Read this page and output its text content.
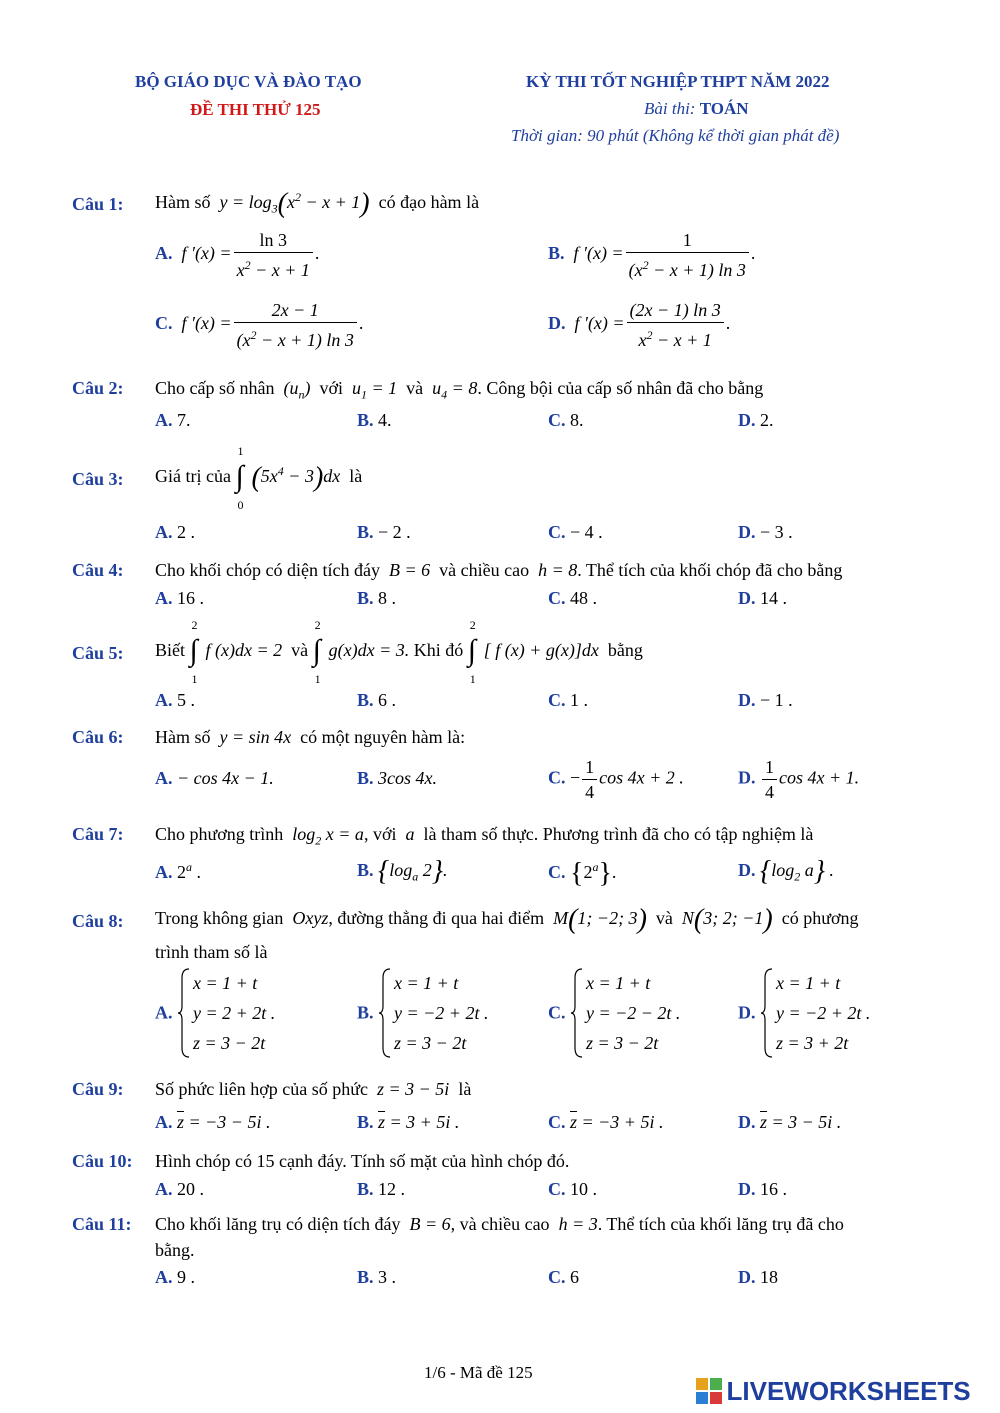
BỘ GIÁO DỤC VÀ ĐÀO TẠO
ĐỀ THI THỬ 125
KỲ THI TỐT NGHIỆP THPT NĂM 2022
Bài thi: TOÁN
Thời gian: 90 phút (Không kể thời gian phát đề)
Câu 1: Hàm số  $y = \log_3(x^2 - x + 1)$ có đạo hàm là
A.  f $'(x) = \frac{\ln 3}{x^2 - x + 1}$ .	B.  f $'(x) = \frac{1}{(x^2 - x + 1) \ln 3}$ .
C.  f $'(x) = \frac{2x - 1}{(x^2 - x + 1) \ln 3}$ .	D.  f $'(x) = \frac{(2x - 1) \ln 3}{x^2 - x + 1}$ .
Câu 2: Cho cấp số nhân  $(u_n)$  với  $u_1 = 1$  và  $u_4 = 8$. Công bội của cấp số nhân đã cho bằng
A. 7.	B. 4.	C. 8.	D. 2.
Câu 3: Giá trị của ∫
1
0
$(5x^4 - 3)dx$  là
A. 2 .	B. − 2 .	C. − 4 .	D. − 3 .
Câu 4: Cho khối chóp có diện tích đáy  B = 6  và chiều cao  h = 8. Thể tích của khối chóp đã cho bằng
A. 16 .	B. 8 .	C. 48 .	D. 14 .
Câu 5: Biết ∫
2
1
f (x)dx = 2  và ∫
2
1
g(x)dx = 3. Khi đó ∫
2
1
[ f (x) + g(x)]dx  bằng
A. 5 .	B. 6 .	C. 1 .	D. − 1 .
Câu 6: Hàm số  y = sin 4x  có một nguyên hàm là:
A. − cos 4x − 1.	B. 3cos 4x.	C. − $\frac{1}{4}$ cos 4x + 2 .	D. $\frac{1}{4}$ cos 4x + 1.
Câu 7: Cho phương trình  $\log_2 x = a$, với  a  là tham số thực. Phương trình đã cho có tập nghiệm là
A. 2$^a$ .	B. {$\log_a$ 2}.	C. {2$^a$}.	D. {$\log_2$ a} .
Câu 8: Trong không gian  Oxyz, đường thẳng đi qua hai điểm  M(1; −2; 3) và  N(3; 2; −1) có phương
trình tham số là
A.
x = 1 + t
y = 2 + 2t .
z = 3 − 2t
B.
x = 1 + t
y = −2 + 2t .
z = 3 − 2t
C.
x = 1 + t
y = −2 − 2t .
z = 3 − 2t
D.
x = 1 + t
y = −2 + 2t .
z = 3 + 2t
Câu 9: Số phức liên hợp của số phức  z = 3 − 5i  là
A. $\overline{z} = -3 - 5i$ .	B. $\overline{z} = 3 + 5i$ .	C. $\overline{z} = -3 + 5i$ .	D. $\overline{z} = 3 - 5i$ .
Câu 10: Hình chóp có 15 cạnh đáy. Tính số mặt của hình chóp đó.
A. 20 .	B. 12 .	C. 10 .	D. 16 .
Câu 11: Cho khối lăng trụ có diện tích đáy  B = 6, và chiều cao  h = 3. Thể tích của khối lăng trụ đã cho
bằng.
A. 9 .	B. 3 .	C. 6	D. 18
1/6 - Mã đề 125
LIVEWORKSHEETS
